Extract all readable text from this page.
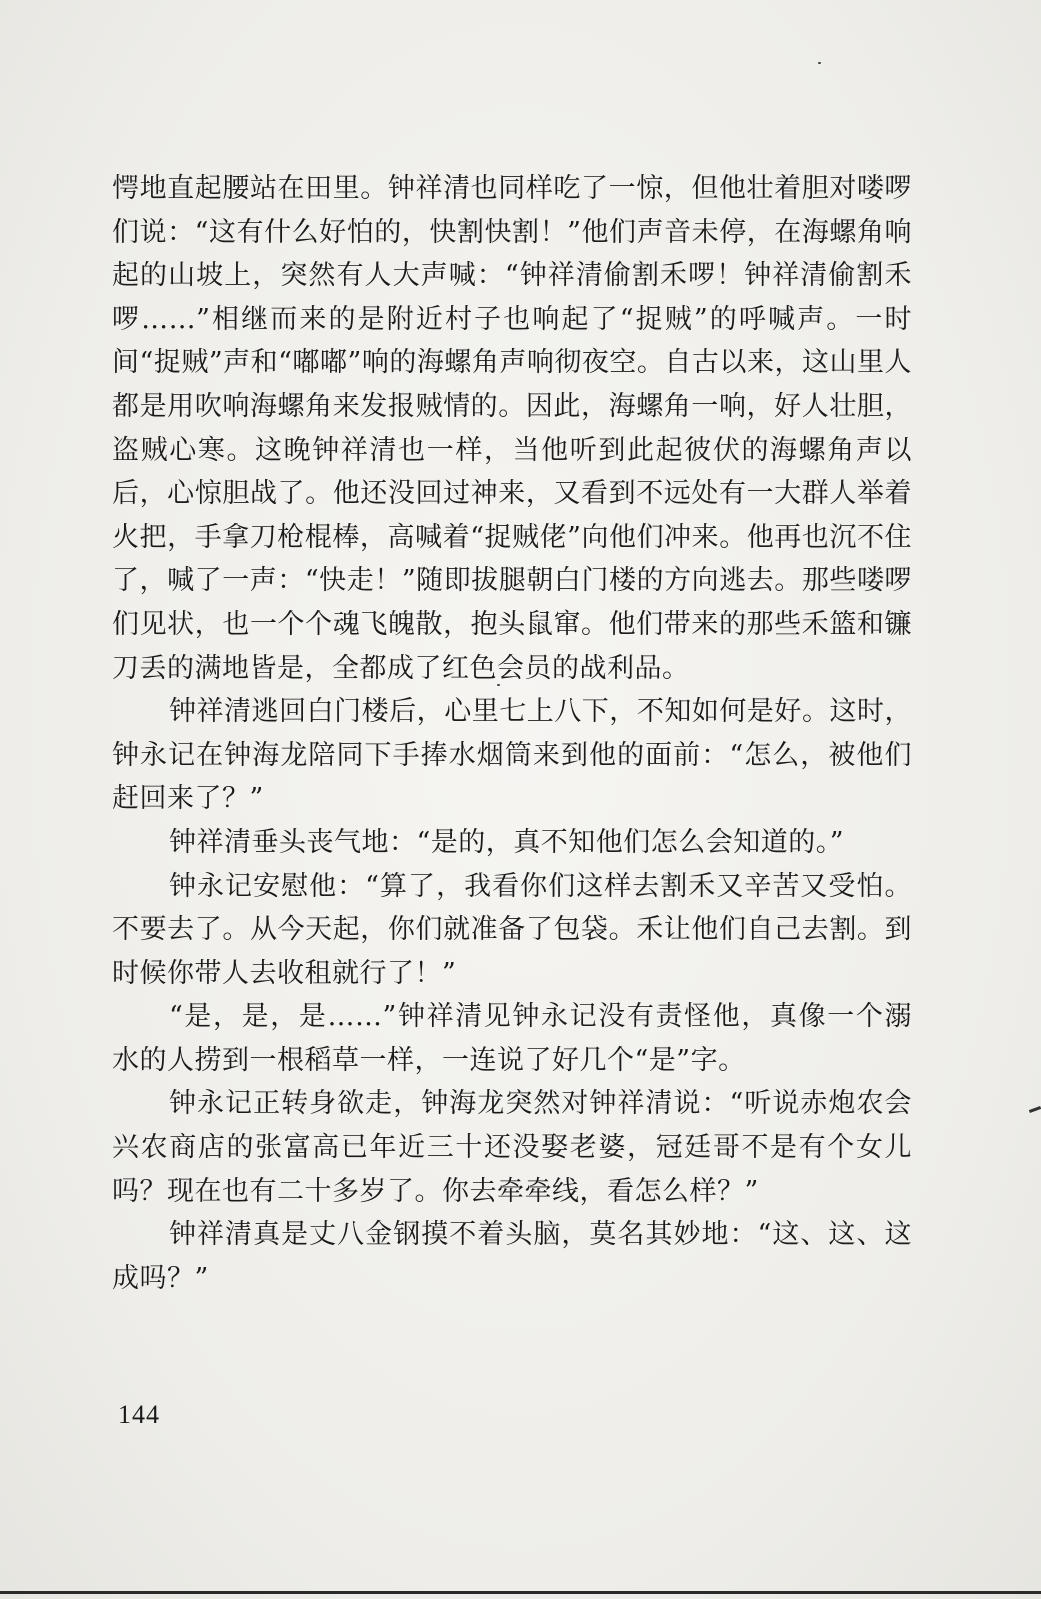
愕地直起腰站在田里。钟祥清也同样吃了一惊，但他壮着胆对喽啰们说：“这有什么好怕的，快割快割！”他们声音未停，在海螺角响起的山坡上，突然有人大声喊：“钟祥清偷割禾啰！钟祥清偷割禾啰……”相继而来的是附近村子也响起了“捉贼”的呼喊声。一时间“捉贼”声和“嘟嘟”响的海螺角声响彻夜空。自古以来，这山里人都是用吹响海螺角来发报贼情的。因此，海螺角一响，好人壮胆，盗贼心寒。这晚钟祥清也一样，当他听到此起彼伏的海螺角声以后，心惊胆战了。他还没回过神来，又看到不远处有一大群人举着火把，手拿刀枪棍棒，高喊着“捉贼佬”向他们冲来。他再也沉不住了，喊了一声：“快走！”随即拔腿朝白门楼的方向逃去。那些喽啰们见状，也一个个魂飞魄散，抱头鼠窜。他们带来的那些禾篮和镰刀丢的满地皆是，全都成了红色会员的战利品。

钟祥清逃回白门楼后，心里七上八下，不知如何是好。这时，钟永记在钟海龙陪同下手捧水烟筒来到他的面前：“怎么，被他们赶回来了？”

钟祥清垂头丧气地：“是的，真不知他们怎么会知道的。”

钟永记安慰他：“算了，我看你们这样去割禾又辛苦又受怕。不要去了。从今天起，你们就准备了包袋。禾让他们自己去割。到时候你带人去收租就行了！”

“是，是，是……”钟祥清见钟永记没有责怪他，真像一个溺水的人捞到一根稻草一样，一连说了好几个“是”字。

钟永记正转身欲走，钟海龙突然对钟祥清说：“听说赤炮农会兴农商店的张富高已年近三十还没娶老婆，冠廷哥不是有个女儿吗？现在也有二十多岁了。你去牵牵线，看怎么样？”

钟祥清真是丈八金钢摸不着头脑，莫名其妙地：“这、这、这成吗？”

144
